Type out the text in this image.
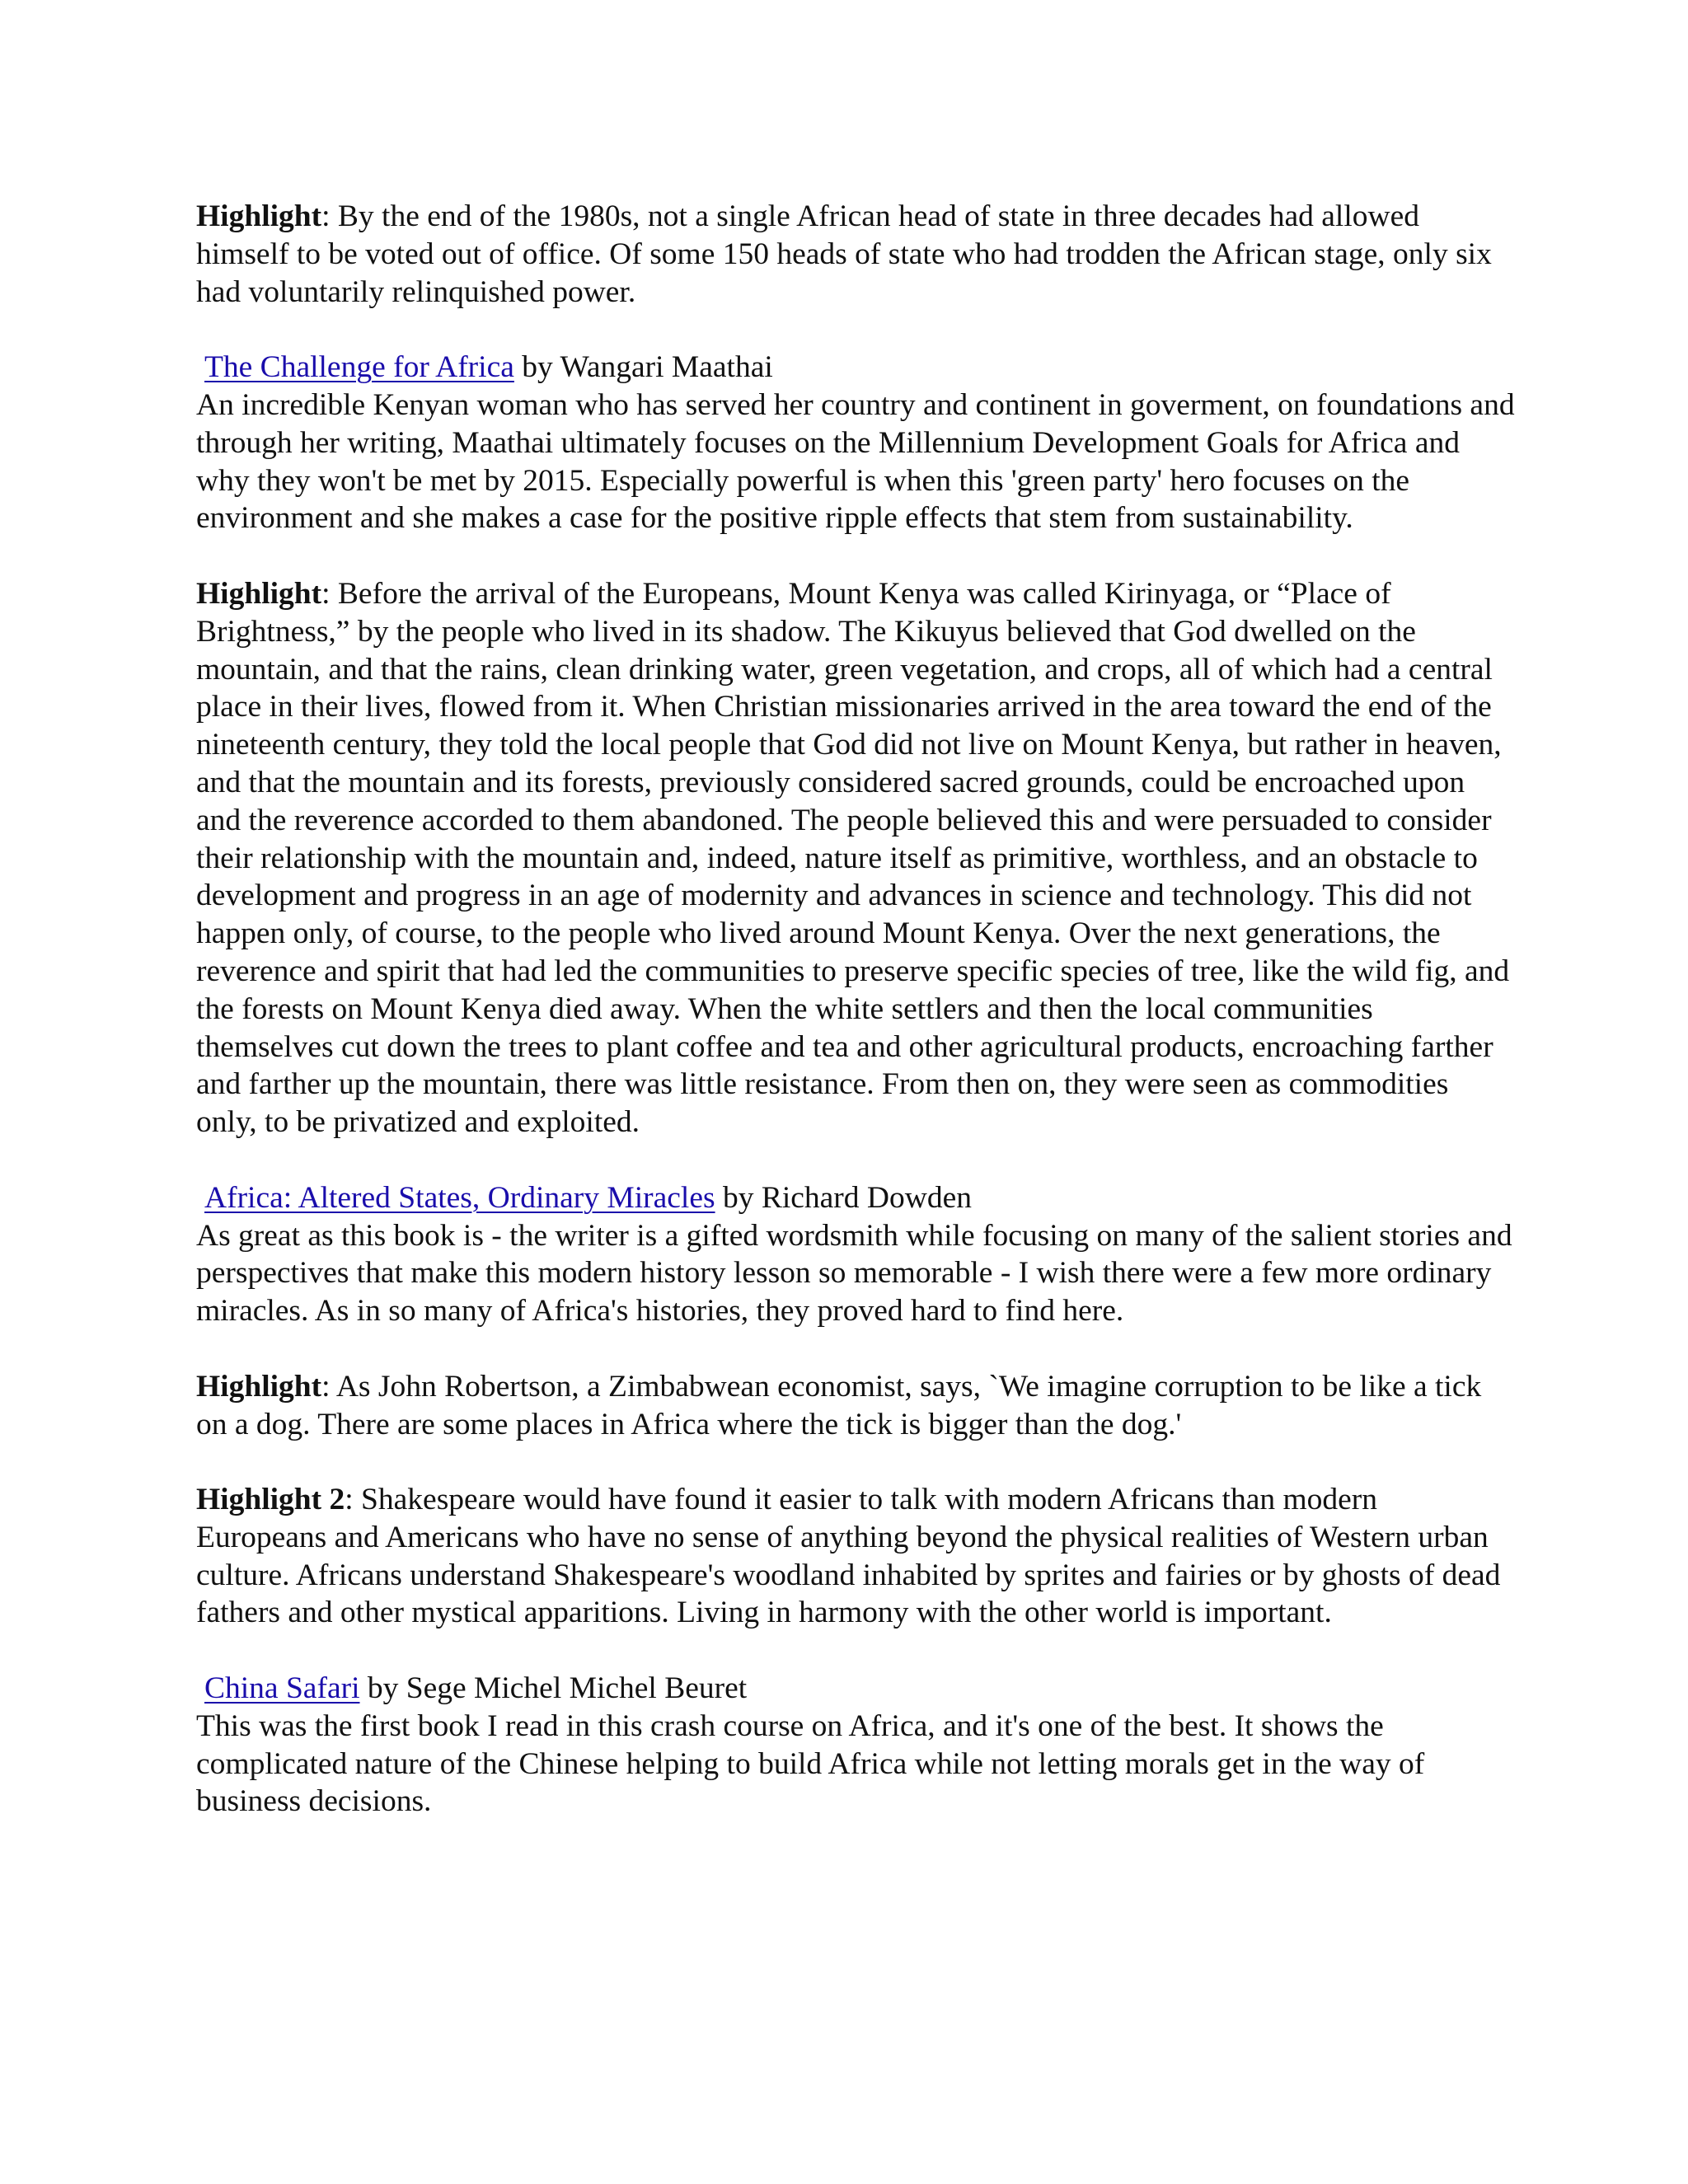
Highlight: By the end of the 1980s, not a single African head of state in three decades had allowed himself to be voted out of office. Of some 150 heads of state who had trodden the African stage, only six had voluntarily relinquished power.

The Challenge for Africa by Wangari Maathai
An incredible Kenyan woman who has served her country and continent in goverment, on foundations and through her writing, Maathai ultimately focuses on the Millennium Development Goals for Africa and why they won't be met by 2015. Especially powerful is when this 'green party' hero focuses on the environment and she makes a case for the positive ripple effects that stem from sustainability.

Highlight: Before the arrival of the Europeans, Mount Kenya was called Kirinyaga, or “Place of Brightness,” by the people who lived in its shadow. The Kikuyus believed that God dwelled on the mountain, and that the rains, clean drinking water, green vegetation, and crops, all of which had a central place in their lives, flowed from it. When Christian missionaries arrived in the area toward the end of the nineteenth century, they told the local people that God did not live on Mount Kenya, but rather in heaven, and that the mountain and its forests, previously considered sacred grounds, could be encroached upon and the reverence accorded to them abandoned. The people believed this and were persuaded to consider their relationship with the mountain and, indeed, nature itself as primitive, worthless, and an obstacle to development and progress in an age of modernity and advances in science and technology. This did not happen only, of course, to the people who lived around Mount Kenya. Over the next generations, the reverence and spirit that had led the communities to preserve specific species of tree, like the wild fig, and the forests on Mount Kenya died away. When the white settlers and then the local communities themselves cut down the trees to plant coffee and tea and other agricultural products, encroaching farther and farther up the mountain, there was little resistance. From then on, they were seen as commodities only, to be privatized and exploited.

Africa: Altered States, Ordinary Miracles by Richard Dowden
As great as this book is - the writer is a gifted wordsmith while focusing on many of the salient stories and perspectives that make this modern history lesson so memorable - I wish there were a few more ordinary miracles. As in so many of Africa's histories, they proved hard to find here.

Highlight: As John Robertson, a Zimbabwean economist, says, `We imagine corruption to be like a tick on a dog. There are some places in Africa where the tick is bigger than the dog.'

Highlight 2: Shakespeare would have found it easier to talk with modern Africans than modern Europeans and Americans who have no sense of anything beyond the physical realities of Western urban culture. Africans understand Shakespeare's woodland inhabited by sprites and fairies or by ghosts of dead fathers and other mystical apparitions. Living in harmony with the other world is important.

China Safari by Sege Michel Michel Beuret
This was the first book I read in this crash course on Africa, and it's one of the best. It shows the complicated nature of the Chinese helping to build Africa while not letting morals get in the way of business decisions.
